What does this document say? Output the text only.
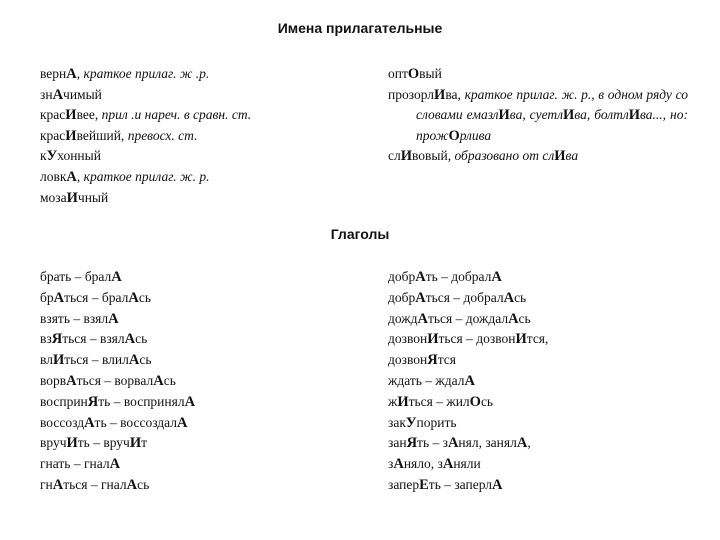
Имена прилагательные
вернА, краткое прилаг. ж .р.
знАчимый
красИвее, прил .и нареч. в сравн. ст.
красИвейший, превосх. ст.
кУхонный
ловкА, краткое прилаг. ж. р.
мозаИчный
оптОвый
прозорлИва, краткое прилаг. ж. р., в одном ряду со словами емазлИва, суетлИва, болтлИва..., но: прожОрлива
слИвовый, образовано от слИва
Глаголы
брать – бралА
брАться – бралАсь
взять – взялА
взЯться – взялАсь
влИться – влилАсь
ворвАться – ворвалАсь
воспринЯть – воспринялА
воссоздАть – воссоздалА
вручИть – вручИт
гнать – гналА
гнАться – гналАсь
добрАть – добралА
добрАться – добралАсь
дождАться – дождалАсь
дозвонИться – дозвонИтся,
дозвонЯтся
ждать – ждалА
жИться – жилОсь
закУпорить
занЯть – зАнял, занялА,
зАняло, зАняли
заперЕть – заперлА
